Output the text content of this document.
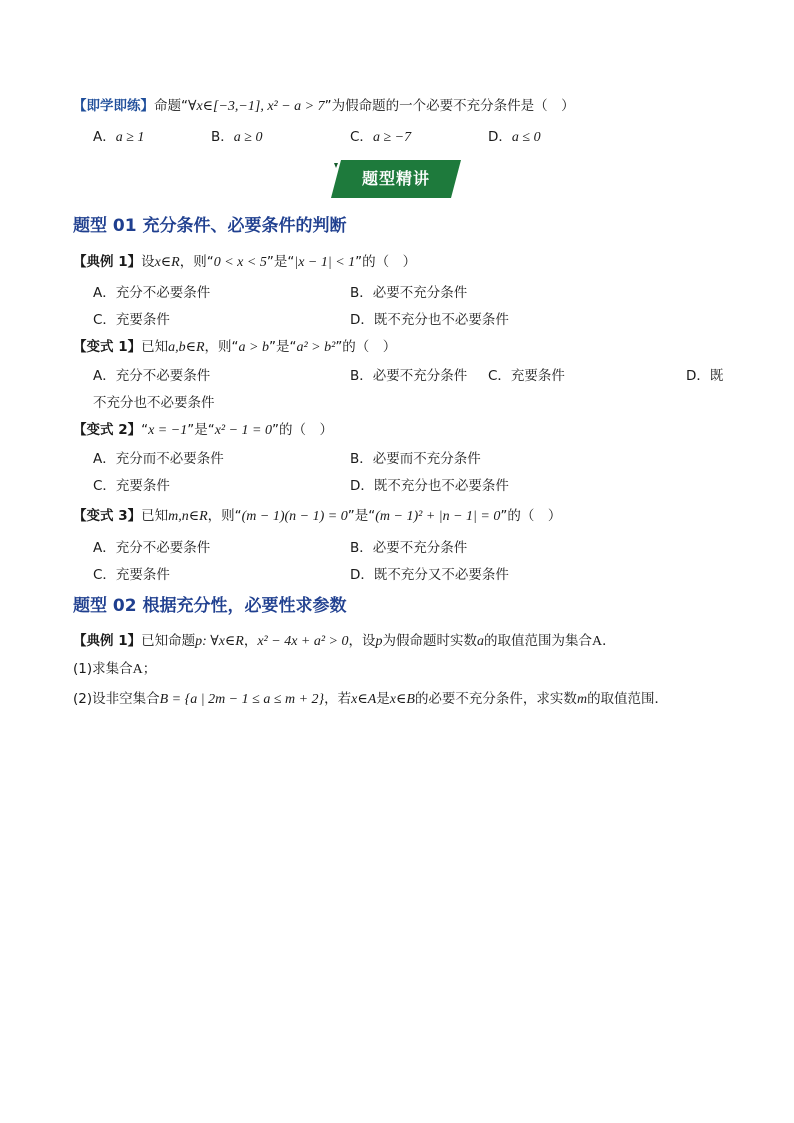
【即学即练】命题“∀x∈[−3,−1], x² − a > 7”为假命题的一个必要不充分条件是（　）
A．a ≥ 1	B．a ≥ 0	C．a ≥ −7	D．a ≤ 0
题型精讲
题型 01 充分条件、必要条件的判断
【典例 1】设x∈R，则“0 < x < 5”是“|x − 1| < 1”的（　）
A．充分不必要条件	B．必要不充分条件
C．充要条件	D．既不充分也不必要条件
【变式 1】已知a,b∈R，则“a > b”是“a² > b²”的（　）
A．充分不必要条件	B．必要不充分条件 C．充要条件	D．既
不充分也不必要条件
【变式 2】“x = −1”是“x² − 1 = 0”的（　）
A．充分而不必要条件	B．必要而不充分条件
C．充要条件	D．既不充分也不必要条件
【变式 3】已知m,n∈R，则“(m − 1)(n − 1) = 0”是“(m − 1)² + |n − 1| = 0”的（　）
A．充分不必要条件	B．必要不充分条件
C．充要条件	D．既不充分又不必要条件
题型 02 根据充分性，必要性求参数
【典例 1】已知命题p: ∀x∈R，x² − 4x + a² > 0，设p为假命题时实数a的取值范围为集合A．
(1)求集合A；
(2)设非空集合B = {a | 2m − 1 ≤ a ≤ m + 2}，若x∈A是x∈B的必要不充分条件，求实数m的取值范围．
